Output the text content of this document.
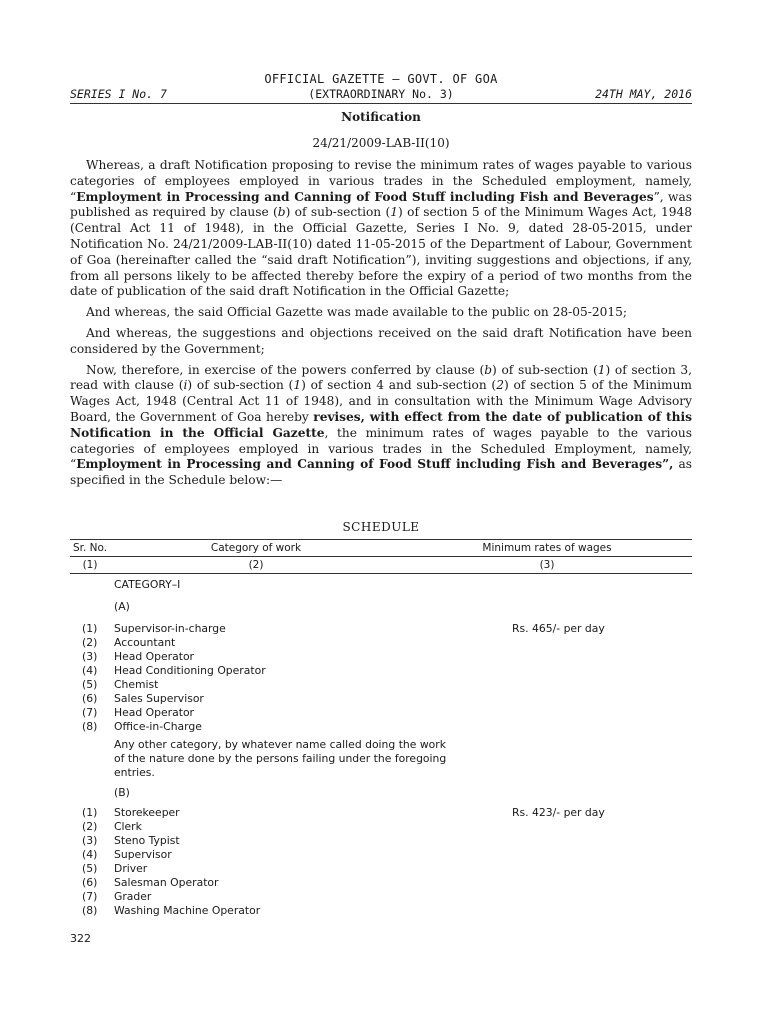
OFFICIAL GAZETTE — GOVT. OF GOA
SERIES I No. 7	(EXTRAORDINARY No. 3)	24TH MAY, 2016
Notification
24/21/2009-LAB-II(10)

Whereas, a draft Notification proposing to revise the minimum rates of wages payable to various categories of employees employed in various trades in the Scheduled employment, namely, “Employment in Processing and Canning of Food Stuff including Fish and Beverages”, was published as required by clause (b) of sub-section (1) of section 5 of the Minimum Wages Act, 1948 (Central Act 11 of 1948), in the Official Gazette, Series I No. 9, dated 28-05-2015, under Notification No. 24/21/2009-LAB-II(10) dated 11-05-2015 of the Department of Labour, Government of Goa (hereinafter called the “said draft Notification”), inviting suggestions and objections, if any, from all persons likely to be affected thereby before the expiry of a period of two months from the date of publication of the said draft Notification in the Official Gazette;

And whereas, the said Official Gazette was made available to the public on 28-05-2015;

And whereas, the suggestions and objections received on the said draft Notification have been considered by the Government;

Now, therefore, in exercise of the powers conferred by clause (b) of sub-section (1) of section 3, read with clause (i) of sub-section (1) of section 4 and sub-section (2) of section 5 of the Minimum Wages Act, 1948 (Central Act 11 of 1948), and in consultation with the Minimum Wage Advisory Board, the Government of Goa hereby revises, with effect from the date of publication of this Notification in the Official Gazette, the minimum rates of wages payable to the various categories of employees employed in various trades in the Scheduled Employment, namely, “Employment in Processing and Canning of Food Stuff including Fish and Beverages”, as specified in the Schedule below:—

SCHEDULE
Sr. No.	Category of work	Minimum rates of wages
(1)	(2)	(3)
CATEGORY–I
(A)
(1) Supervisor-in-charge	Rs. 465/- per day
(2) Accountant
(3) Head Operator
(4) Head Conditioning Operator
(5) Chemist
(6) Sales Supervisor
(7) Head Operator
(8) Office-in-Charge
Any other category, by whatever name called doing the work of the nature done by the persons failing under the foregoing entries.
(B)
(1) Storekeeper	Rs. 423/- per day
(2) Clerk
(3) Steno Typist
(4) Supervisor
(5) Driver
(6) Salesman Operator
(7) Grader
(8) Washing Machine Operator
322
